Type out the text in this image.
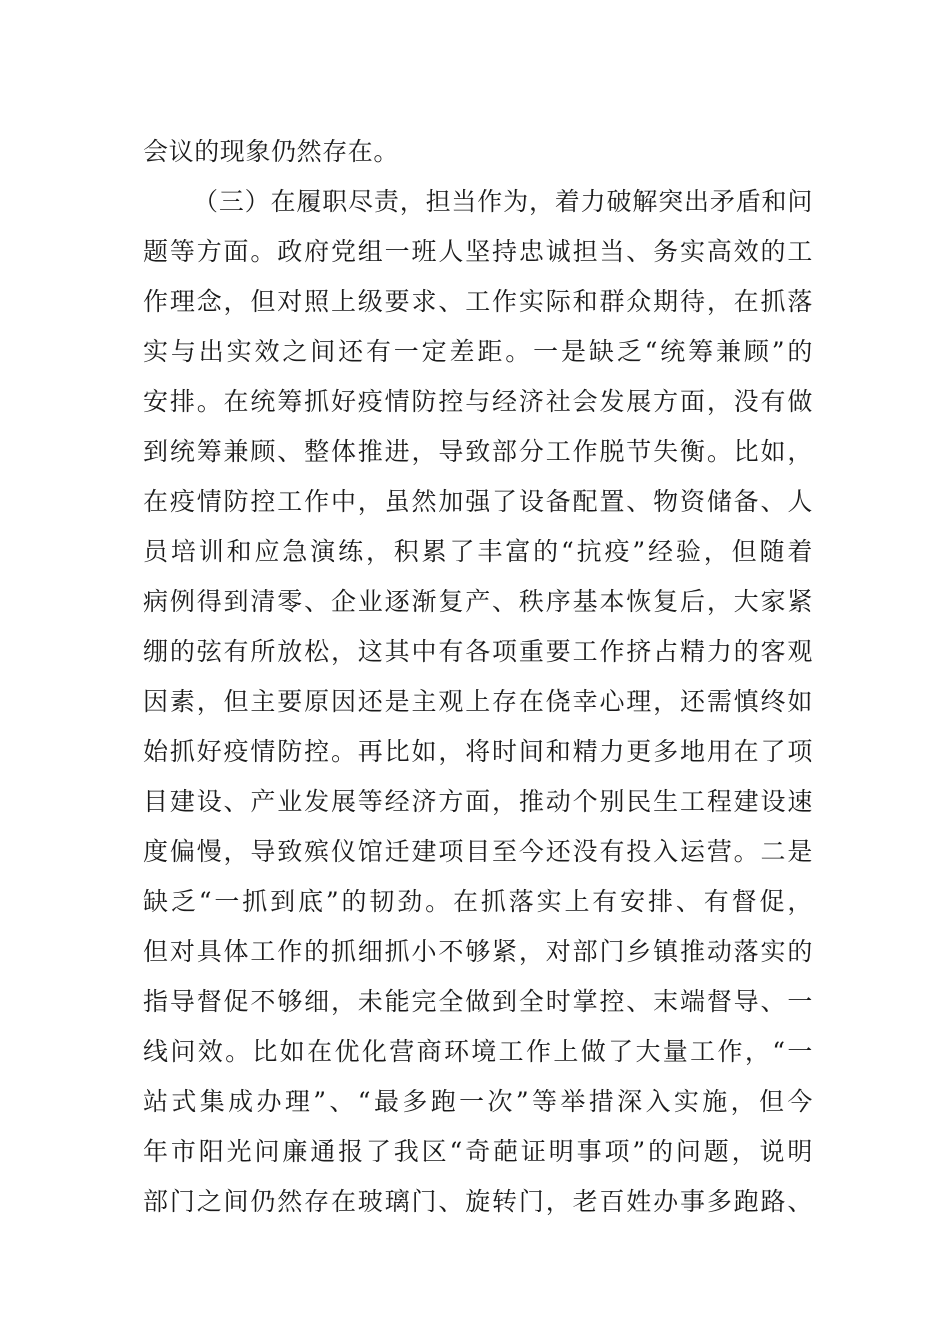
会议的现象仍然存在。
（三）在履职尽责，担当作为，着力破解突出矛盾和问
题等方面。政府党组一班人坚持忠诚担当、务实高效的工
作理念，但对照上级要求、工作实际和群众期待，在抓落
实与出实效之间还有一定差距。一是缺乏“统筹兼顾”的
安排。在统筹抓好疫情防控与经济社会发展方面，没有做
到统筹兼顾、整体推进，导致部分工作脱节失衡。比如，
在疫情防控工作中，虽然加强了设备配置、物资储备、人
员培训和应急演练，积累了丰富的“抗疫”经验，但随着
病例得到清零、企业逐渐复产、秩序基本恢复后，大家紧
绷的弦有所放松，这其中有各项重要工作挤占精力的客观
因素，但主要原因还是主观上存在侥幸心理，还需慎终如
始抓好疫情防控。再比如，将时间和精力更多地用在了项
目建设、产业发展等经济方面，推动个别民生工程建设速
度偏慢，导致殡仪馆迁建项目至今还没有投入运营。二是
缺乏“一抓到底”的韧劲。在抓落实上有安排、有督促，
但对具体工作的抓细抓小不够紧，对部门乡镇推动落实的
指导督促不够细，未能完全做到全时掌控、末端督导、一
线问效。比如在优化营商环境工作上做了大量工作，“一
站式集成办理”、“最多跑一次”等举措深入实施，但今
年市阳光问廉通报了我区“奇葩证明事项”的问题，说明
部门之间仍然存在玻璃门、旋转门，老百姓办事多跑路、
